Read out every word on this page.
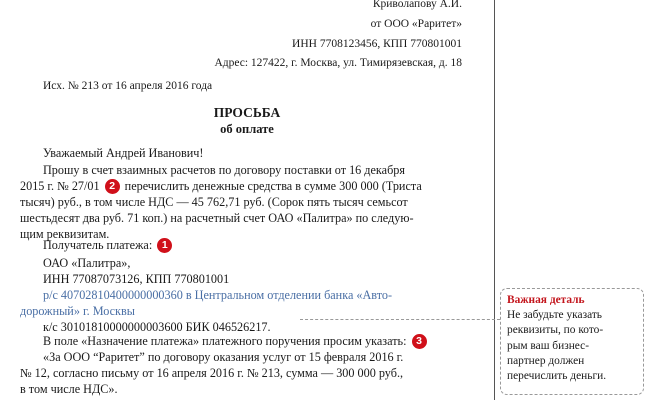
Криволапову А.И.
от ООО «Раритет»
ИНН 7708123456, КПП 770801001
Адрес: 127422, г. Москва, ул. Тимирязевская, д. 18
Исх. № 213 от 16 апреля 2016 года
ПРОСЬБА
об оплате
Уважаемый Андрей Иванович!
Прошу в счет взаимных расчетов по договору поставки от 16 декабря
2015 г. № 27/01 2 перечислить денежные средства в сумме 300 000 (Триста
тысяч) руб., в том числе НДС — 45 762,71 руб. (Сорок пять тысяч семьсот
шестьдесят два руб. 71 коп.) на расчетный счет ОАО «Палитра» по следую-
щим реквизитам.
Получатель платежа: 1
ОАО «Палитра»,
ИНН 77087073126, КПП 770801001
р/с 40702810400000000360 в Центральном отделении банка «Авто-
дорожный» г. Москвы
к/с 30101810000000003600 БИК 046526217.
В поле «Назначение платежа» платежного поручения просим указать: 3
«За ООО “Раритет” по договору оказания услуг от 15 февраля 2016 г.
№ 12, согласно письму от 16 апреля 2016 г. № 213, сумма — 300 000 руб.,
в том числе НДС».
Важная деталь
Не забудьте указать
реквизиты, по кото-
рым ваш бизнес-
партнер должен
перечислить деньги.
